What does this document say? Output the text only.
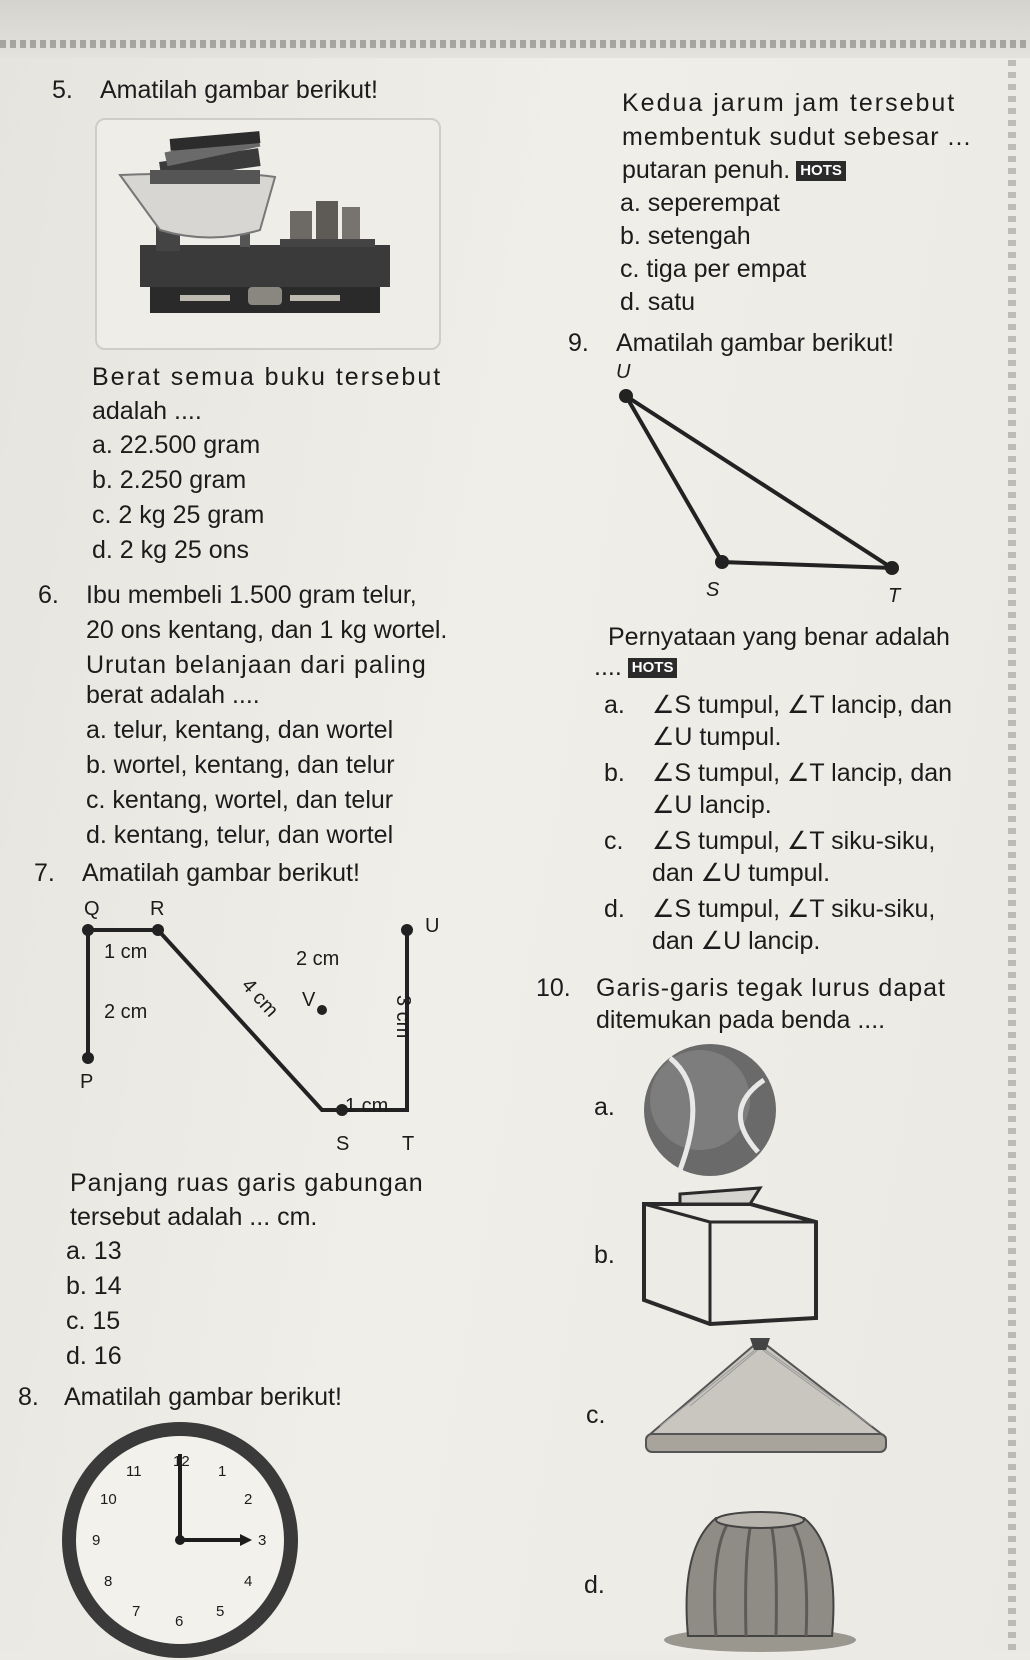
5. Amatilah gambar berikut!
Berat semua buku tersebut
adalah ....
a. 22.500 gram
b. 2.250 gram
c. 2 kg 25 gram
d. 2 kg 25 ons
6. Ibu membeli 1.500 gram telur,
20 ons kentang, dan 1 kg wortel.
Urutan belanjaan dari paling
berat adalah ....
a. telur, kentang, dan wortel
b. wortel, kentang, dan telur
c. kentang, wortel, dan telur
d. kentang, telur, dan wortel
7. Amatilah gambar berikut!
Q	R
P
U
V
S	T
1 cm
2 cm	4 cm
2 cm
3 cm
1 cm
Panjang ruas garis gabungan
tersebut adalah ... cm.
a. 13
b. 14
c. 15
d. 16
8. Amatilah gambar berikut!
12
1
2
3
4
5
6
7
8
9
10
11
Kedua jarum jam tersebut
membentuk sudut sebesar ...
putaran penuh. HOTS
a. seperempat
b. setengah
c. tiga per empat
d. satu
9. Amatilah gambar berikut!
U
S	T
Pernyataan yang benar adalah
.... HOTS
a. ∠S tumpul, ∠T lancip, dan
∠U tumpul.
b. ∠S tumpul, ∠T lancip, dan
∠U lancip.
c. ∠S tumpul, ∠T siku-siku,
dan ∠U tumpul.
d. ∠S tumpul, ∠T siku-siku,
dan ∠U lancip.
10. Garis-garis tegak lurus dapat
ditemukan pada benda ....
a.
b.
c.
d.
